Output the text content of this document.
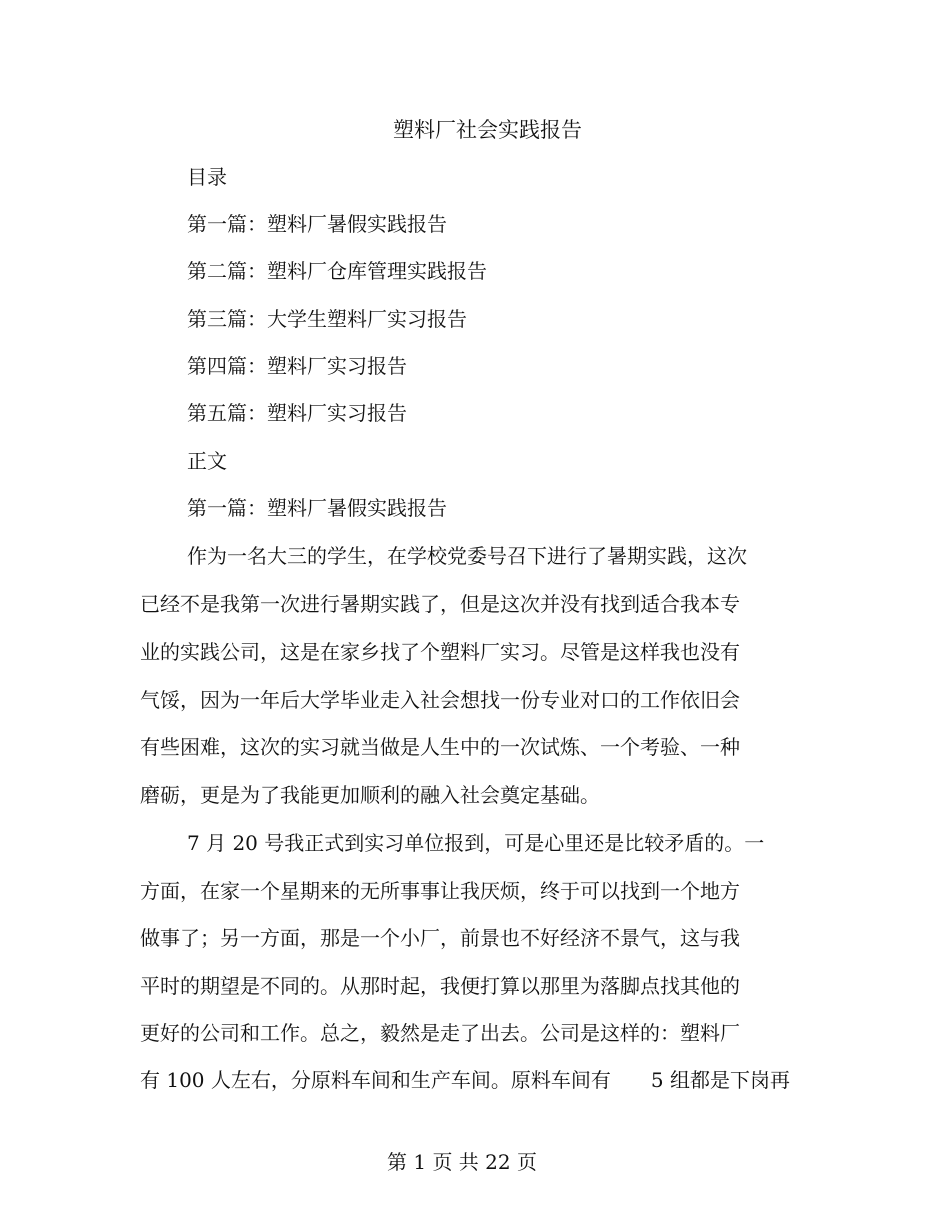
塑料厂社会实践报告
目录
第一篇：塑料厂暑假实践报告
第二篇：塑料厂仓库管理实践报告
第三篇：大学生塑料厂实习报告
第四篇：塑料厂实习报告
第五篇：塑料厂实习报告
正文
第一篇：塑料厂暑假实践报告
作为一名大三的学生，在学校党委号召下进行了暑期实践，这次
已经不是我第一次进行暑期实践了，但是这次并没有找到适合我本专
业的实践公司，这是在家乡找了个塑料厂实习。尽管是这样我也没有
气馁，因为一年后大学毕业走入社会想找一份专业对口的工作依旧会
有些困难，这次的实习就当做是人生中的一次试炼、一个考验、一种
磨砺，更是为了我能更加顺利的融入社会奠定基础。
7 月 20 号我正式到实习单位报到，可是心里还是比较矛盾的。一
方面，在家一个星期来的无所事事让我厌烦，终于可以找到一个地方
做事了；另一方面，那是一个小厂，前景也不好经济不景气，这与我
平时的期望是不同的。从那时起，我便打算以那里为落脚点找其他的
更好的公司和工作。总之，毅然是走了出去。公司是这样的：塑料厂
有 100 人左右，分原料车间和生产车间。原料车间有　　5 组都是下岗再
第 1 页 共 22 页
